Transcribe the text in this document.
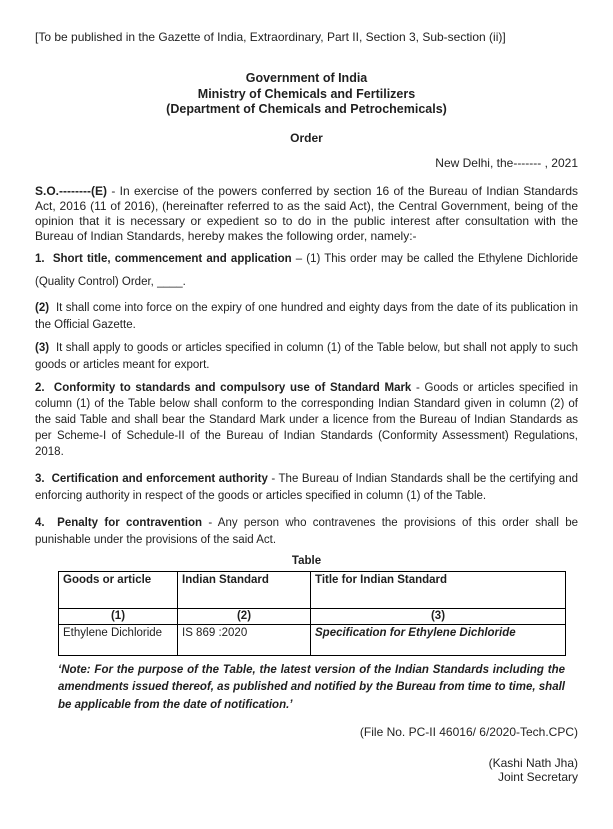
[To be published in the Gazette of India, Extraordinary, Part II, Section 3, Sub-section (ii)]

Government of India

Ministry of Chemicals and Fertilizers

(Department of Chemicals and Petrochemicals)

Order

New Delhi, the------- , 2021

S.O.--------(E) - In exercise of the powers conferred by section 16 of the Bureau of Indian Standards Act, 2016 (11 of 2016), (hereinafter referred to as the said Act), the Central Government, being of the opinion that it is necessary or expedient so to do in the public interest after consultation with the Bureau of Indian Standards, hereby makes the following order, namely:-

1.  Short title, commencement and application – (1) This order may be called the Ethylene Dichloride (Quality Control) Order, ____.

(2)  It shall come into force on the expiry of one hundred and eighty days from the date of its publication in the Official Gazette.

(3)  It shall apply to goods or articles specified in column (1) of the Table below, but shall not apply to such goods or articles meant for export.

2.  Conformity to standards and compulsory use of Standard Mark - Goods or articles specified in column (1) of the Table below shall conform to the corresponding Indian Standard given in column (2) of the said Table and shall bear the Standard Mark under a licence from the Bureau of Indian Standards as per Scheme-I of Schedule-II of the Bureau of Indian Standards (Conformity Assessment) Regulations, 2018.

3.  Certification and enforcement authority - The Bureau of Indian Standards shall be the certifying and enforcing authority in respect of the goods or articles specified in column (1) of the Table.

4.  Penalty for contravention - Any person who contravenes the provisions of this order shall be punishable under the provisions of the said Act.

Table

Goods or article	Indian Standard	Title for Indian Standard
(1)	(2)	(3)
Ethylene Dichloride	IS 869 :2020	Specification for Ethylene Dichloride

‘Note: For the purpose of the Table, the latest version of the Indian Standards including the amendments issued thereof, as published and notified by the Bureau from time to time, shall be applicable from the date of notification.’

(File No. PC-II 46016/ 6/2020-Tech.CPC)

(Kashi Nath Jha)

Joint Secretary
